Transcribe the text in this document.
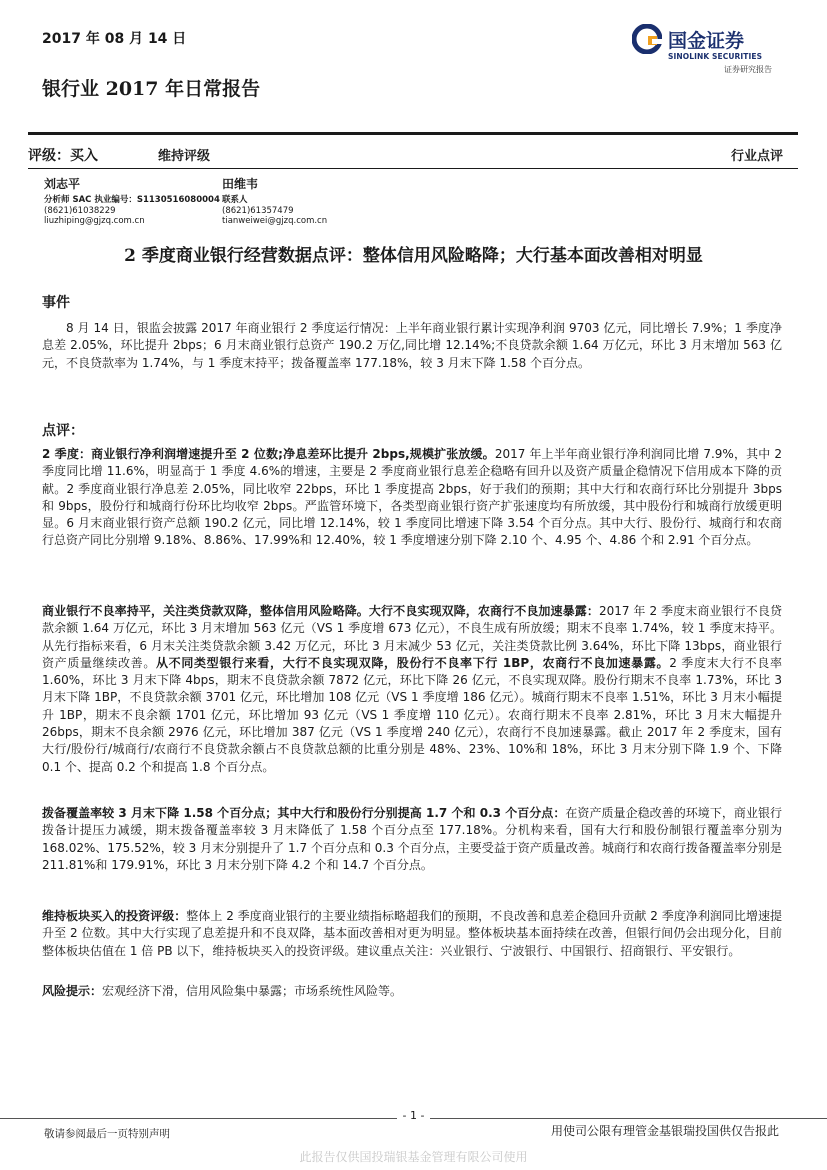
2017 年 08 月 14 日
银行业 2017 年日常报告
国金证券
SINOLINK SECURITIES
证券研究报告
评级：买入	维持评级	行业点评
刘志平
分析师 SAC 执业编号：S1130516080004
(8621)61038229
liuzhiping@gjzq.com.cn
田维韦
联系人
(8621)61357479
tianweiwei@gjzq.com.cn
2 季度商业银行经营数据点评：整体信用风险略降；大行基本面改善相对明显
事件
8 月 14 日，银监会披露 2017 年商业银行 2 季度运行情况：上半年商业银行累计实现净利润 9703 亿元，同比增长 7.9%；1 季度净息差 2.05%，环比提升 2bps；6 月末商业银行总资产 190.2 万亿,同比增 12.14%;不良贷款余额 1.64 万亿元，环比 3 月末增加 563 亿元，不良贷款率为 1.74%，与 1 季度末持平；拨备覆盖率 177.18%，较 3 月末下降 1.58 个百分点。
点评：
2 季度：商业银行净利润增速提升至 2 位数;净息差环比提升 2bps,规模扩张放缓。2017 年上半年商业银行净利润同比增 7.9%，其中 2 季度同比增 11.6%，明显高于 1 季度 4.6%的增速，主要是 2 季度商业银行息差企稳略有回升以及资产质量企稳情况下信用成本下降的贡献。2 季度商业银行净息差 2.05%，同比收窄 22bps，环比 1 季度提高 2bps，好于我们的预期；其中大行和农商行环比分别提升 3bps 和 9bps，股份行和城商行份环比均收窄 2bps。严监管环境下，各类型商业银行资产扩张速度均有所放缓，其中股份行和城商行放缓更明显。6 月末商业银行资产总额 190.2 亿元，同比增 12.14%，较 1 季度同比增速下降 3.54 个百分点。其中大行、股份行、城商行和农商行总资产同比分别增 9.18%、8.86%、17.99%和 12.40%，较 1 季度增速分别下降 2.10 个、4.95 个、4.86 个和 2.91 个百分点。
商业银行不良率持平，关注类贷款双降，整体信用风险略降。大行不良实现双降，农商行不良加速暴露：2017 年 2 季度末商业银行不良贷款余额 1.64 万亿元，环比 3 月末增加 563 亿元（VS 1 季度增 673 亿元），不良生成有所放缓；期末不良率 1.74%，较 1 季度末持平。从先行指标来看，6 月末关注类贷款余额 3.42 万亿元，环比 3 月末减少 53 亿元，关注类贷款比例 3.64%，环比下降 13bps，商业银行资产质量继续改善。从不同类型银行来看，大行不良实现双降，股份行不良率下行 1BP，农商行不良加速暴露。2 季度末大行不良率 1.60%，环比 3 月末下降 4bps，期末不良贷款余额 7872 亿元，环比下降 26 亿元，不良实现双降。股份行期末不良率 1.73%，环比 3 月末下降 1BP，不良贷款余额 3701 亿元，环比增加 108 亿元（VS 1 季度增 186 亿元）。城商行期末不良率 1.51%，环比 3 月末小幅提升 1BP，期末不良余额 1701 亿元，环比增加 93 亿元（VS 1 季度增 110 亿元）。农商行期末不良率 2.81%，环比 3 月末大幅提升 26bps，期末不良余额 2976 亿元，环比增加 387 亿元（VS 1 季度增 240 亿元），农商行不良加速暴露。截止 2017 年 2 季度末，国有大行/股份行/城商行/农商行不良贷款余额占不良贷款总额的比重分别是 48%、23%、10%和 18%，环比 3 月末分别下降 1.9 个、下降 0.1 个、提高 0.2 个和提高 1.8 个百分点。
拨备覆盖率较 3 月末下降 1.58 个百分点；其中大行和股份行分别提高 1.7 个和 0.3 个百分点：在资产质量企稳改善的环境下，商业银行拨备计提压力减缓，期末拨备覆盖率较 3 月末降低了 1.58 个百分点至 177.18%。分机构来看，国有大行和股份制银行覆盖率分别为 168.02%、175.52%，较 3 月末分别提升了 1.7 个百分点和 0.3 个百分点，主要受益于资产质量改善。城商行和农商行拨备覆盖率分别是 211.81%和 179.91%，环比 3 月末分别下降 4.2 个和 14.7 个百分点。
维持板块买入的投资评级：整体上 2 季度商业银行的主要业绩指标略超我们的预期，不良改善和息差企稳回升贡献 2 季度净利润同比增速提升至 2 位数。其中大行实现了息差提升和不良双降，基本面改善相对更为明显。整体板块基本面持续在改善，但银行间仍会出现分化，目前整体板块估值在 1 倍 PB 以下，维持板块买入的投资评级。建议重点关注：兴业银行、宁波银行、中国银行、招商银行、平安银行。
风险提示：宏观经济下滑，信用风险集中暴露；市场系统性风险等。
- 1 -
敬请参阅最后一页特别声明	用使司公限有理管金基银瑞投国供仅告报此
此报告仅供国投瑞银基金管理有限公司使用
